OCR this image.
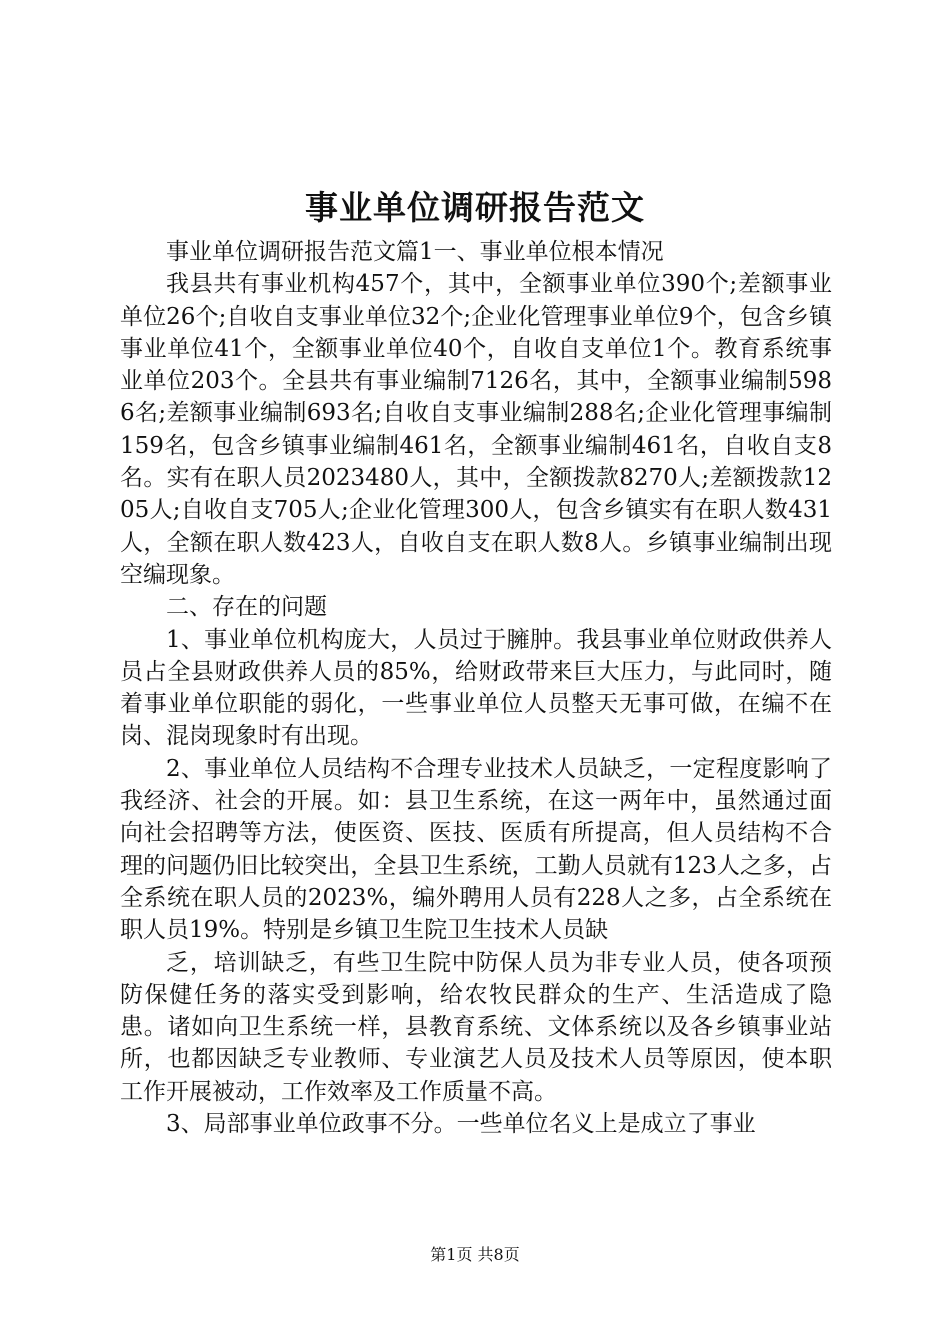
事业单位调研报告范文

事业单位调研报告范文篇1一、事业单位根本情况

我县共有事业机构457个，其中，全额事业单位390个;差额事业单位26个;自收自支事业单位32个;企业化管理事业单位9个，包含乡镇事业单位41个，全额事业单位40个，自收自支单位1个。教育系统事业单位203个。全县共有事业编制7126名，其中，全额事业编制5986名;差额事业编制693名;自收自支事业编制288名;企业化管理事编制159名，包含乡镇事业编制461名，全额事业编制461名，自收自支8名。实有在职人员2023480人，其中，全额拨款8270人;差额拨款1205人;自收自支705人;企业化管理300人，包含乡镇实有在职人数431人，全额在职人数423人，自收自支在职人数8人。乡镇事业编制出现空编现象。

二、存在的问题

1、事业单位机构庞大，人员过于臃肿。我县事业单位财政供养人员占全县财政供养人员的85%，给财政带来巨大压力，与此同时，随着事业单位职能的弱化，一些事业单位人员整天无事可做，在编不在岗、混岗现象时有出现。

2、事业单位人员结构不合理专业技术人员缺乏，一定程度影响了我经济、社会的开展。如：县卫生系统，在这一两年中，虽然通过面向社会招聘等方法，使医资、医技、医质有所提高，但人员结构不合理的问题仍旧比较突出，全县卫生系统，工勤人员就有123人之多，占全系统在职人员的2023%，编外聘用人员有228人之多，占全系统在职人员19%。特别是乡镇卫生院卫生技术人员缺

乏，培训缺乏，有些卫生院中防保人员为非专业人员，使各项预防保健任务的落实受到影响，给农牧民群众的生产、生活造成了隐患。诸如向卫生系统一样，县教育系统、文体系统以及各乡镇事业站所，也都因缺乏专业教师、专业演艺人员及技术人员等原因，使本职工作开展被动，工作效率及工作质量不高。

3、局部事业单位政事不分。一些单位名义上是成立了事业

第1页 共8页
